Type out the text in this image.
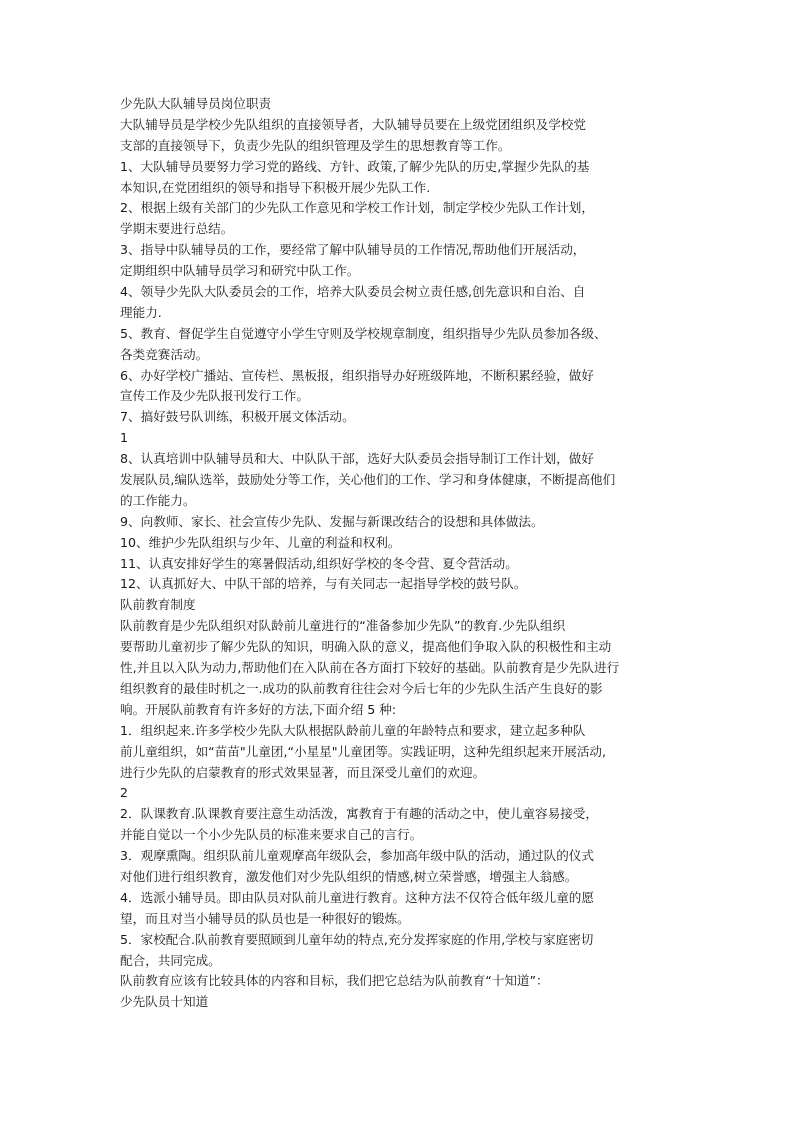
少先队大队辅导员岗位职责
大队辅导员是学校少先队组织的直接领导者，大队辅导员要在上级党团组织及学校党
支部的直接领导下，负责少先队的组织管理及学生的思想教育等工作。
1、大队辅导员要努力学习党的路线、方针、政策,了解少先队的历史,掌握少先队的基
本知识,在党团组织的领导和指导下积极开展少先队工作.
2、根据上级有关部门的少先队工作意见和学校工作计划，制定学校少先队工作计划，
学期末要进行总结。
3、指导中队辅导员的工作，要经常了解中队辅导员的工作情况,帮助他们开展活动，
定期组织中队辅导员学习和研究中队工作。
4、领导少先队大队委员会的工作，培养大队委员会树立责任感,创先意识和自治、自
理能力.
5、教育、督促学生自觉遵守小学生守则及学校规章制度，组织指导少先队员参加各级、
各类竞赛活动。
6、办好学校广播站、宣传栏、黑板报，组织指导办好班级阵地，不断积累经验，做好
宣传工作及少先队报刊发行工作。
7、搞好鼓号队训练，积极开展文体活动。
1
8、认真培训中队辅导员和大、中队队干部，选好大队委员会指导制订工作计划，做好
发展队员,编队选举，鼓励处分等工作，关心他们的工作、学习和身体健康，不断提高他们
的工作能力。
9、向教师、家长、社会宣传少先队、发掘与新课改结合的设想和具体做法。
10、维护少先队组织与少年、儿童的利益和权利。
11、认真安排好学生的寒暑假活动,组织好学校的冬令营、夏令营活动。
12、认真抓好大、中队干部的培养，与有关同志一起指导学校的鼓号队。
队前教育制度
队前教育是少先队组织对队龄前儿童进行的“准备参加少先队”的教育.少先队组织
要帮助儿童初步了解少先队的知识，明确入队的意义，提高他们争取入队的积极性和主动
性,并且以入队为动力,帮助他们在入队前在各方面打下较好的基础。队前教育是少先队进行
组织教育的最佳时机之一.成功的队前教育往往会对今后七年的少先队生活产生良好的影
响。开展队前教育有许多好的方法,下面介绍 5 种:
1．组织起来.许多学校少先队大队根据队龄前儿童的年龄特点和要求，建立起多种队
前儿童组织，如“苗苗"儿童团,“小星星"儿童团等。实践证明，这种先组织起来开展活动,
进行少先队的启蒙教育的形式效果显著，而且深受儿童们的欢迎。
2
2．队课教育.队课教育要注意生动活泼，寓教育于有趣的活动之中，使儿童容易接受，
并能自觉以一个小少先队员的标准来要求自己的言行。
3．观摩熏陶。组织队前儿童观摩高年级队会，参加高年级中队的活动，通过队的仪式
对他们进行组织教育，激发他们对少先队组织的情感,树立荣誉感，增强主人翁感。
4．选派小辅导员。即由队员对队前儿童进行教育。这种方法不仅符合低年级儿童的愿
望，而且对当小辅导员的队员也是一种很好的锻炼。
5．家校配合.队前教育要照顾到儿童年幼的特点,充分发挥家庭的作用,学校与家庭密切
配合，共同完成。
队前教育应该有比较具体的内容和目标，我们把它总结为队前教育“十知道”：
少先队员十知道
